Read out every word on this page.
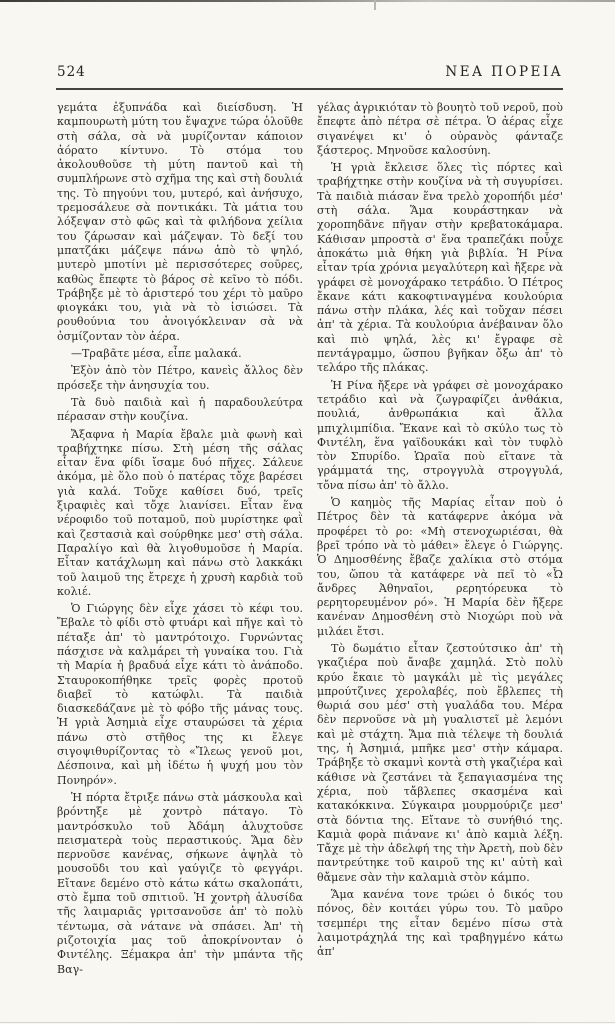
524	ΝΕΑ ΠΟΡΕΙΑ

γεμάτα ἐξυπνάδα καὶ διείσδυση. Ἡ καμπουρωτὴ μύτη του ἔψαχνε τώρα ὁλοῦθε στὴ σάλα, σὰ νὰ μυρίζονταν κάποιον ἀόρατο κίντυνο. Τὸ στόμα του ἀκολουθοῦσε τὴ μύτη παντοῦ καὶ τὴ συμπλήρωνε στὸ σχῆμα της καὶ στὴ δουλιά της. Τὸ πηγούνι του, μυτερό, καὶ ἀνήσυχο, τρεμοσάλευε σὰ ποντικάκι. Τὰ μάτια του λόξεψαν στὸ φῶς καὶ τὰ φιλήδονα χείλια του ζάρωσαν καὶ μάζεψαν. Τὸ δεξί του μπατζάκι μάζεψε πάνω ἀπὸ τὸ ψηλό, μυτερὸ μποτίνι μὲ περισσότερες σοῦρες, καθὼς ἔπεφτε τὸ βάρος σὲ κεῖνο τὸ πόδι. Τράβηξε μὲ τὸ ἀριστερό του χέρι τὸ μαῦρο φιογκάκι του, γιὰ νὰ τὸ ἰσιώσει. Τὰ ρουθούνια του ἀνοιγόκλειναν σὰ νὰ ὀσμίζονταν τὸν ἀέρα.

—Τραβᾶτε μέσα, εἶπε μαλακά.

Ἐξὸν ἀπὸ τὸν Πέτρο, κανεὶς ἄλλος δὲν πρόσεξε τὴν ἀνησυχία του.

Τὰ δυὸ παιδιὰ καὶ ἡ παραδουλεύτρα πέρασαν στὴν κουζίνα.

Ἄξαφνα ἡ Μαρία ἔβαλε μιὰ φωνὴ καὶ τραβήχτηκε πίσω. Στὴ μέση τῆς σάλας εἶταν ἕνα φίδι ἴσαμε δυό πῆχες. Σάλευε ἀκόμα, μὲ ὅλο ποὺ ὁ πατέρας τὄχε βαρέσει γιὰ καλά. Τοὔχε καθίσει δυό, τρεῖς ξιραφιὲς καὶ τὄχε λιανίσει. Εἶταν ἕνα νέροφιδο τοῦ ποταμοῦ, ποὺ μυρίστηκε φαῒ καὶ ζεστασιὰ καὶ σούρθηκε μεσ' στὴ σάλα. Παραλίγο καὶ θὰ λιγοθυμοῦσε ἡ Μαρία. Εἶταν κατάχλωμη καὶ πάνω στὸ λακκάκι τοῦ λαιμοῦ της ἔτρεχε ἡ χρυσὴ καρδιὰ τοῦ κολιέ.

Ὁ Γιώργης δὲν εἶχε χάσει τὸ κέφι του. Ἔβαλε τὸ φίδι στὸ φτυάρι καὶ πῆγε καὶ τὸ πέταξε ἀπ' τὸ μαντρότοιχο. Γυρνώντας πάσχισε νὰ καλμάρει τὴ γυναίκα του. Γιὰ τὴ Μαρία ἡ βραδυά εἶχε κάτι τὸ ἀνάποδο. Σταυροκοπήθηκε τρεῖς φορὲς προτοῦ διαβεῖ τὸ κατώφλι. Τὰ παιδιὰ διασκεδάζανε μὲ τὸ φόβο τῆς μάνας τους. Ἡ γριὰ Ἀσημιὰ εἶχε σταυρώσει τὰ χέρια πάνω στὸ στῆθος της κι ἔλεγε σιγοψιθυρίζοντας τὸ «Ἴλεως γενοῦ μοι, Δέσποινα, καὶ μὴ ἰδέτω ἡ ψυχή μου τὸν Πονηρόν».

Ἡ πόρτα ἔτριξε πάνω στὰ μάσκουλα καὶ βρόντηξε μὲ χοντρὸ πάταγο. Τὸ μαντρόσκυλο τοῦ Ἀδάμη ἀλυχτοῦσε πεισματερὰ τοὺς περαστικούς. Ἅμα δὲν περνοῦσε κανένας, σήκωνε ἀψηλὰ τὸ μουσοῦδι του καὶ γαύγιζε τὸ φεγγάρι. Εἴτανε δεμένο στὸ κάτω κάτω σκαλοπάτι, στὸ ἔμπα τοῦ σπιτιοῦ. Ἡ χοντρὴ ἁλυσίδα τῆς λαιμαριᾶς γριτσανοῦσε ἀπ' τὸ πολὺ τέντωμα, σὰ νάτανε νὰ σπάσει. Ἀπ' τὴ ριζοτοιχία μας τοῦ ἀποκρίνονταν ὁ Φιντέλης. Ξέμακρα ἀπ' τὴν μπάντα τῆς Βαγ-

γέλας ἀγρικιόταν τὸ βουητὸ τοῦ νεροῦ, ποὺ ἔπεφτε ἀπὸ πέτρα σὲ πέτρα. Ὁ ἀέρας εἶχε σιγανέψει κι' ὁ οὐρανὸς φάνταζε ξάστερος. Μηνοῦσε καλοσύνη.

Ἡ γριὰ ἔκλεισε ὅλες τὶς πόρτες καὶ τραβήχτηκε στὴν κουζίνα νὰ τὴ συγυρίσει. Τὰ παιδιὰ πιάσαν ἕνα τρελὸ χοροπήδι μέσ' στὴ σάλα. Ἅμα κουράστηκαν νὰ χοροπηδᾶνε πῆγαν στὴν κρεβατοκάμαρα. Κάθισαν μπροστὰ σ' ἕνα τραπεζάκι ποὖχε ἀποκάτω μιὰ θήκη γιὰ βιβλία. Ἡ Ρίνα εἶταν τρία χρόνια μεγαλύτερη καὶ ἤξερε νὰ γράφει σὲ μονοχάρακο τετράδιο. Ὁ Πέτρος ἔκανε κάτι κακοφτιναγμένα κουλούρια πάνω στὴν πλάκα, λές καὶ τοὔχαν πέσει ἀπ' τὰ χέρια. Τὰ κουλούρια ἀνέβαιναν ὅλο καὶ πιὸ ψηλά, λὲς κι' ἔγραφε σὲ πεντάγραμμο, ὥσπου βγῆκαν ὄξω ἀπ' τὸ τελάρο τῆς πλάκας.

Ἡ Ρίνα ἤξερε νὰ γράφει σὲ μονοχάρακο τετράδιο καὶ νὰ ζωγραφίζει ἀνθάκια, πουλιά, ἀνθρωπάκια καὶ ἄλλα μπιχλιμπίδια. Ἔκανε καὶ τὸ σκύλο τως τὸ Φιντέλη, ἕνα γαϊδουκάκι καὶ τὸν τυφλὸ τὸν Σπυρίδο. Ὡραῖα ποὺ εἴτανε τὰ γράμματά της, στρογγυλὰ στρογγυλά, τὄνα πίσω ἀπ' τὸ ἄλλο.

Ὁ καημὸς τῆς Μαρίας εἶταν ποὺ ὁ Πέτρος δὲν τὰ κατάφερνε ἀκόμα νὰ προφέρει τὸ ρο: «Μὴ στενοχωριέσαι, θὰ βρεῖ τρόπο νὰ τὸ μάθει» ἔλεγε ὁ Γιώργης. Ὁ Δημοσθένης ἔβαζε χαλίκια στὸ στόμα του, ὥπου τὰ κατάφερε νὰ πεῖ τὸ «Ὦ ἄνδρες Ἀθηναῖοι, ρερητόρευκα τὸ ρερητορευμένον ρό». Ἡ Μαρία δὲν ἤξερε κανέναν Δημοσθένη στὸ Νιοχώρι ποὺ νὰ μιλάει ἔτσι.

Τὸ δωμάτιο εἶταν ζεστούτσικο ἀπ' τὴ γκαζιέρα ποὺ ἄναβε χαμηλά. Στὸ πολὺ κρύο ἔκαιε τὸ μαγκάλι μὲ τὶς μεγάλες μπρούτζινες χερολαβές, ποὺ ἔβλεπες τὴ θωριά σου μέσ' στὴ γυαλάδα του. Μέρα δὲν περνοῦσε νὰ μὴ γυαλιστεῖ μὲ λεμόνι καὶ μὲ στάχτη. Ἅμα πιὰ τέλεψε τὴ δουλιά της, ἡ Ἀσημιά, μπῆκε μεσ' στὴν κάμαρα. Τράβηξε τὸ σκαμνὶ κοντὰ στὴ γκαζιέρα καὶ κάθισε νὰ ζεστάνει τὰ ξεπαγιασμένα της χέρια, ποὺ τἄβλεπες σκασμένα καὶ κατακόκκινα. Σύγκαιρα μουρμούριζε μεσ' στὰ δόντια της. Εἴτανε τὸ συνήθιό της. Καμιὰ φορὰ πιάνανε κι' ἀπὸ καμιὰ λέξη. Τἄχε μὲ τὴν ἀδελφή της τὴν Ἀρετὴ, ποὺ δὲν παντρεύτηκε τοῦ καιροῦ της κι' αὐτὴ καὶ θἄμενε σὰν τὴν καλαμιὰ στὸν κάμπο.

Ἅμα κανένα τονε τρώει ὁ δικός του πόνος, δὲν κοιτάει γύρω του. Τὸ μαῦρο τσεμπέρι της εἶταν δεμένο πίσω στὰ λαιμοτράχηλά της καὶ τραβηγμένο κάτω ἀπ'
